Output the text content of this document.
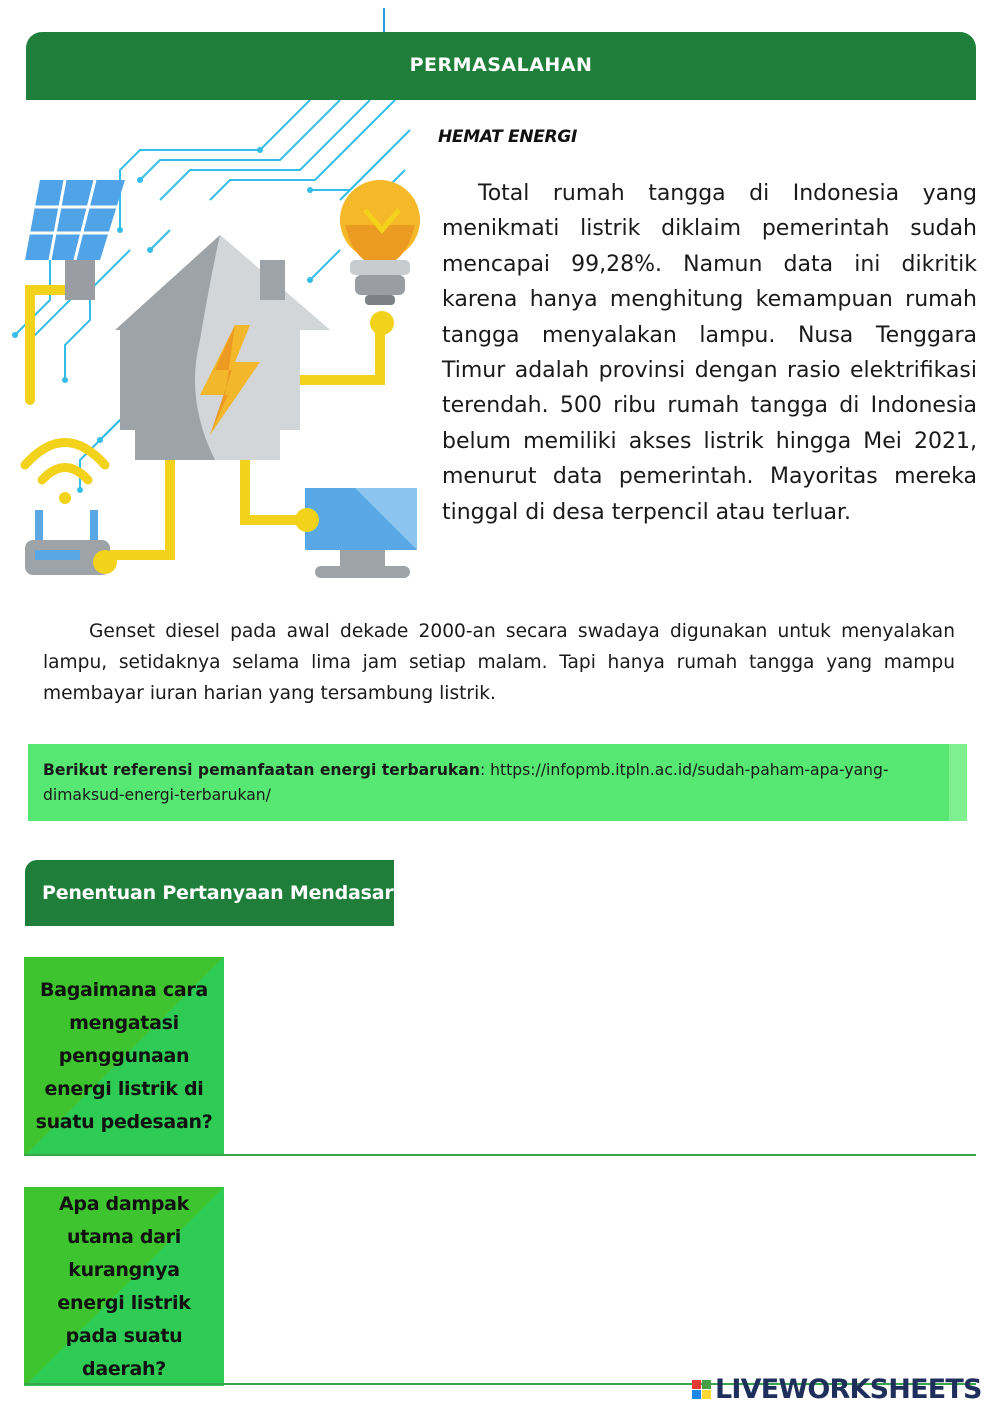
PERMASALAHAN
HEMAT ENERGI

Total rumah tangga di Indonesia yang menikmati listrik diklaim pemerintah sudah mencapai 99,28%. Namun data ini dikritik karena hanya menghitung kemampuan rumah tangga menyalakan lampu. Nusa Tenggara Timur adalah provinsi dengan rasio elektrifikasi terendah. 500 ribu rumah tangga di Indonesia belum memiliki akses listrik hingga Mei 2021, menurut data pemerintah. Mayoritas mereka tinggal di desa terpencil atau terluar.

Genset diesel pada awal dekade 2000-an secara swadaya digunakan untuk menyalakan lampu, setidaknya selama lima jam setiap malam. Tapi hanya rumah tangga yang mampu membayar iuran harian yang tersambung listrik.

Berikut referensi pemanfaatan energi terbarukan: https://infopmb.itpln.ac.id/sudah-paham-apa-yang-dimaksud-energi-terbarukan/
Penentuan Pertanyaan Mendasar
Bagaimana cara mengatasi penggunaan energi listrik di suatu pedesaan?
Apa dampak utama dari kurangnya energi listrik pada suatu daerah?
LIVEWORKSHEETS
